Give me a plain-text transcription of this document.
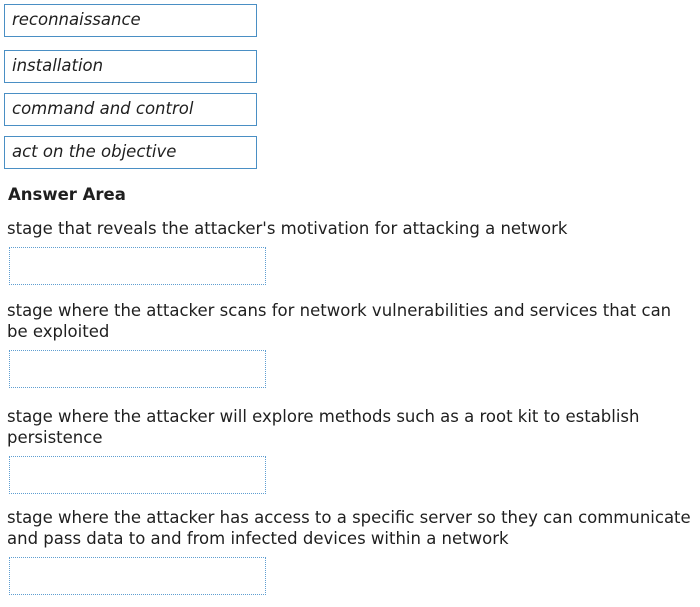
reconnaissance
installation
command and control
act on the objective
Answer Area
stage that reveals the attacker's motivation for attacking a network
stage where the attacker scans for network vulnerabilities and services that can be exploited
stage where the attacker will explore methods such as a root kit to establish persistence
stage where the attacker has access to a specific server so they can communicate and pass data to and from infected devices within a network
